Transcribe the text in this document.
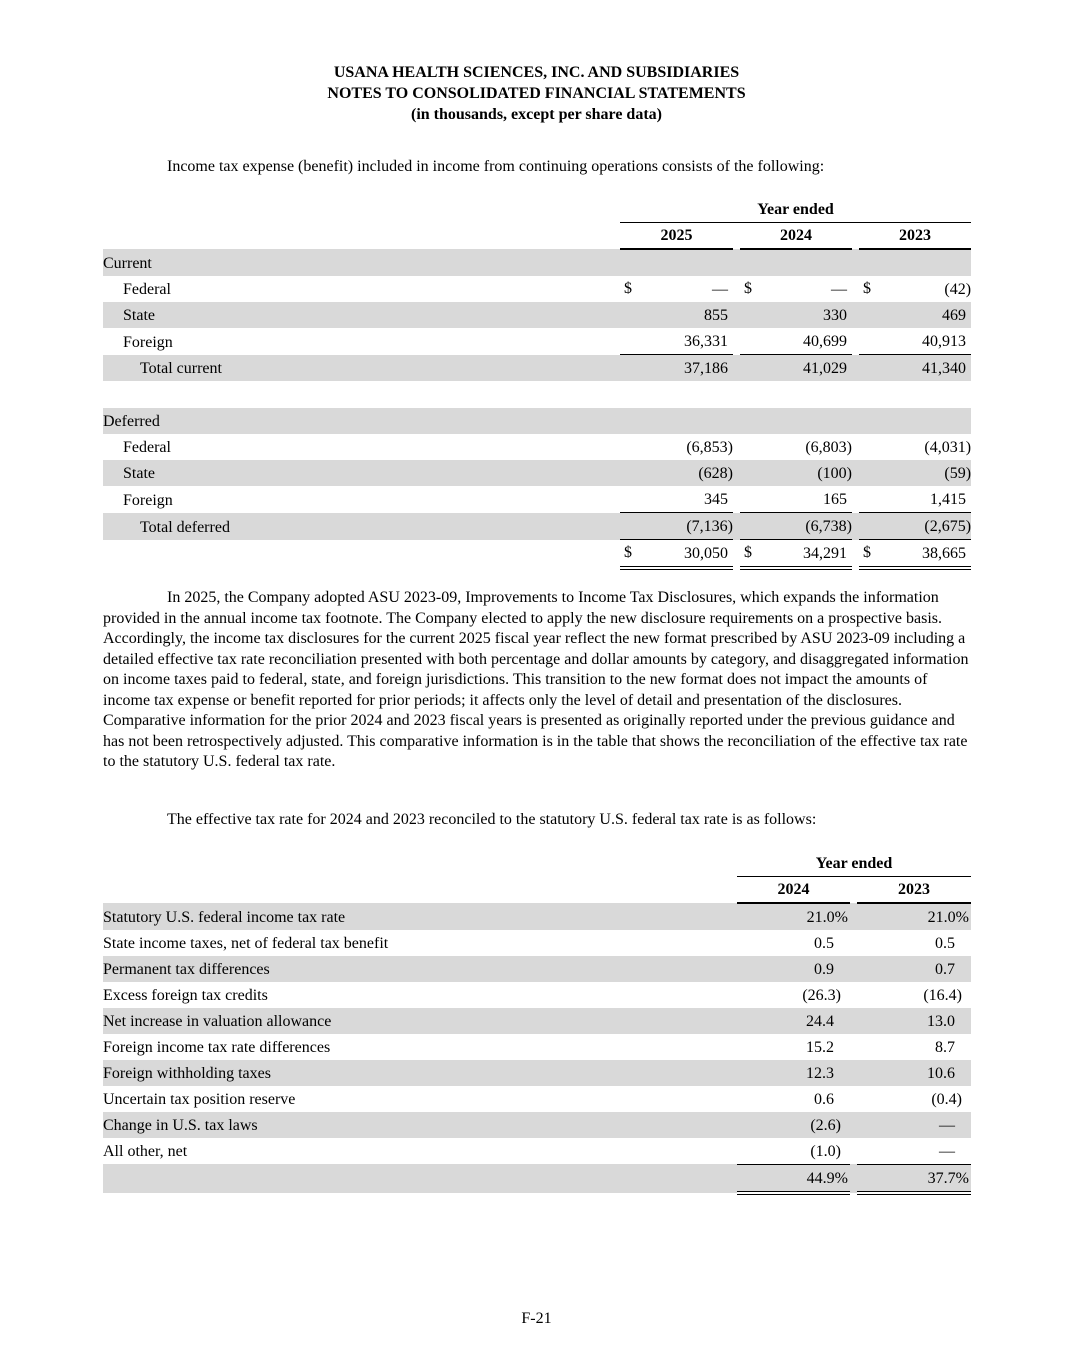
USANA HEALTH SCIENCES, INC. AND SUBSIDIARIES
NOTES TO CONSOLIDATED FINANCIAL STATEMENTS
(in thousands, except per share data)

Income tax expense (benefit) included in income from continuing operations consists of the following:

	Year ended				
	2025		2024		2023
Current					
Federal	$ —		$ —		$ (42)
State	855		330		469
Foreign	36,331		40,699		40,913
Total current	37,186		41,029		41,340

Deferred					
Federal	(6,853)		(6,803)		(4,031)
State	(628)		(100)		(59)
Foreign	345		165		1,415
Total deferred	(7,136)		(6,738)		(2,675)

	$ 30,050		$ 34,291		$ 38,665

In 2025, the Company adopted ASU 2023-09, Improvements to Income Tax Disclosures, which expands the information provided in the annual income tax footnote. The Company elected to apply the new disclosure requirements on a prospective basis. Accordingly, the income tax disclosures for the current 2025 fiscal year reflect the new format prescribed by ASU 2023-09 including a detailed effective tax rate reconciliation presented with both percentage and dollar amounts by category, and disaggregated information on income taxes paid to federal, state, and foreign jurisdictions. This transition to the new format does not impact the amounts of income tax expense or benefit reported for prior periods; it affects only the level of detail and presentation of the disclosures. Comparative information for the prior 2024 and 2023 fiscal years is presented as originally reported under the previous guidance and has not been retrospectively adjusted. This comparative information is in the table that shows the reconciliation of the effective tax rate to the statutory U.S. federal tax rate.

The effective tax rate for 2024 and 2023 reconciled to the statutory U.S. federal tax rate is as follows:

	Year ended		
	2024		2023
Statutory U.S. federal income tax rate	21.0%		21.0%
State income taxes, net of federal tax benefit	0.5		0.5
Permanent tax differences	0.9		0.7
Excess foreign tax credits	(26.3)		(16.4)
Net increase in valuation allowance	24.4		13.0
Foreign income tax rate differences	15.2		8.7
Foreign withholding taxes	12.3		10.6
Uncertain tax position reserve	0.6		(0.4)
Change in U.S. tax laws	(2.6)		—
All other, net	(1.0)		—
	44.9%		37.7%
F-21
